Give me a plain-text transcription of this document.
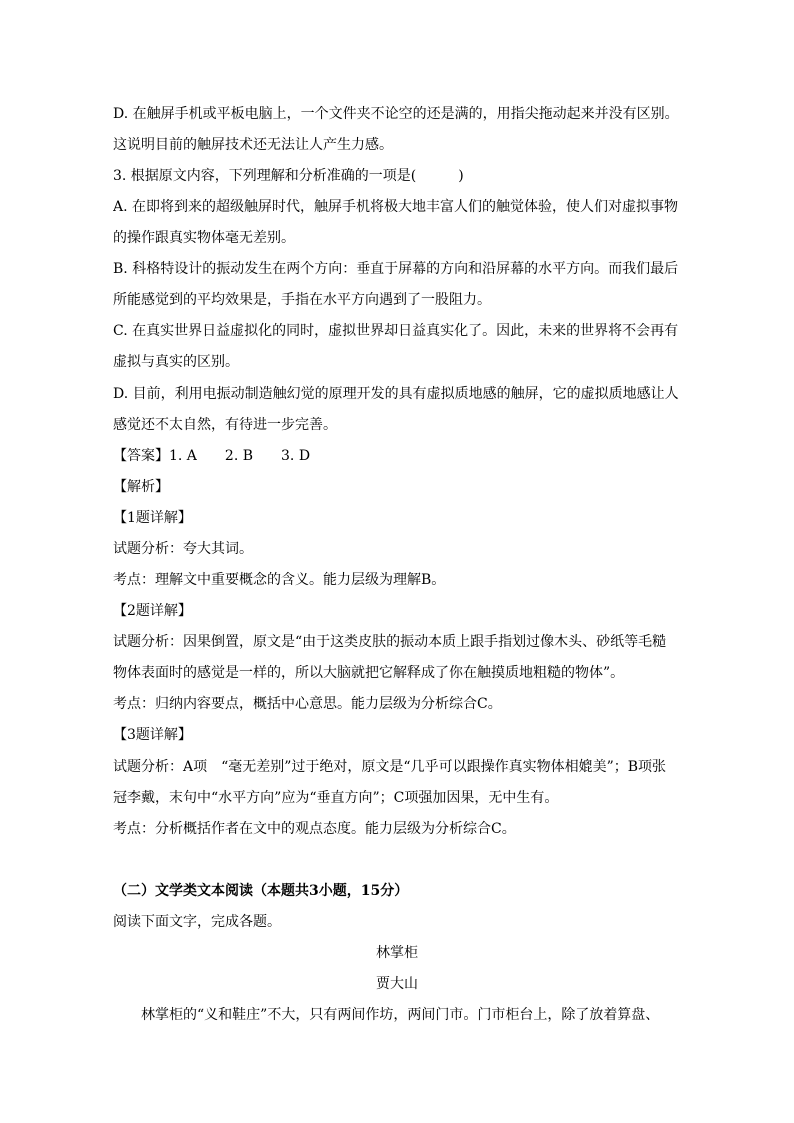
D. 在触屏手机或平板电脑上，一个文件夹不论空的还是满的，用指尖拖动起来并没有区别。
这说明目前的触屏技术还无法让人产生力感。
3. 根据原文内容，下列理解和分析准确的一项是(　　　)
A. 在即将到来的超级触屏时代，触屏手机将极大地丰富人们的触觉体验，使人们对虚拟事物
的操作跟真实物体毫无差别。
B. 科格特设计的振动发生在两个方向：垂直于屏幕的方向和沿屏幕的水平方向。而我们最后
所能感觉到的平均效果是，手指在水平方向遇到了一股阻力。
C. 在真实世界日益虚拟化的同时，虚拟世界却日益真实化了。因此，未来的世界将不会再有
虚拟与真实的区别。
D. 目前，利用电振动制造触幻觉的原理开发的具有虚拟质地感的触屏，它的虚拟质地感让人
感觉还不太自然，有待进一步完善。
【答案】1. A　　2. B　　3. D
【解析】
【1题详解】
试题分析：夸大其词。
考点：理解文中重要概念的含义。能力层级为理解B。
【2题详解】
试题分析：因果倒置，原文是“由于这类皮肤的振动本质上跟手指划过像木头、砂纸等毛糙
物体表面时的感觉是一样的，所以大脑就把它解释成了你在触摸质地粗糙的物体”。
考点：归纳内容要点，概括中心意思。能力层级为分析综合C。
【3题详解】
试题分析：A项　“毫无差别”过于绝对，原文是“几乎可以跟操作真实物体相媲美”；B项张
冠李戴，末句中“水平方向”应为“垂直方向”；C项强加因果，无中生有。
考点：分析概括作者在文中的观点态度。能力层级为分析综合C。
（二）文学类文本阅读（本题共3小题，15分）
阅读下面文字，完成各题。
林掌柜
贾大山
林掌柜的“义和鞋庄”不大，只有两间作坊，两间门市。门市柜台上，除了放着算盘、
